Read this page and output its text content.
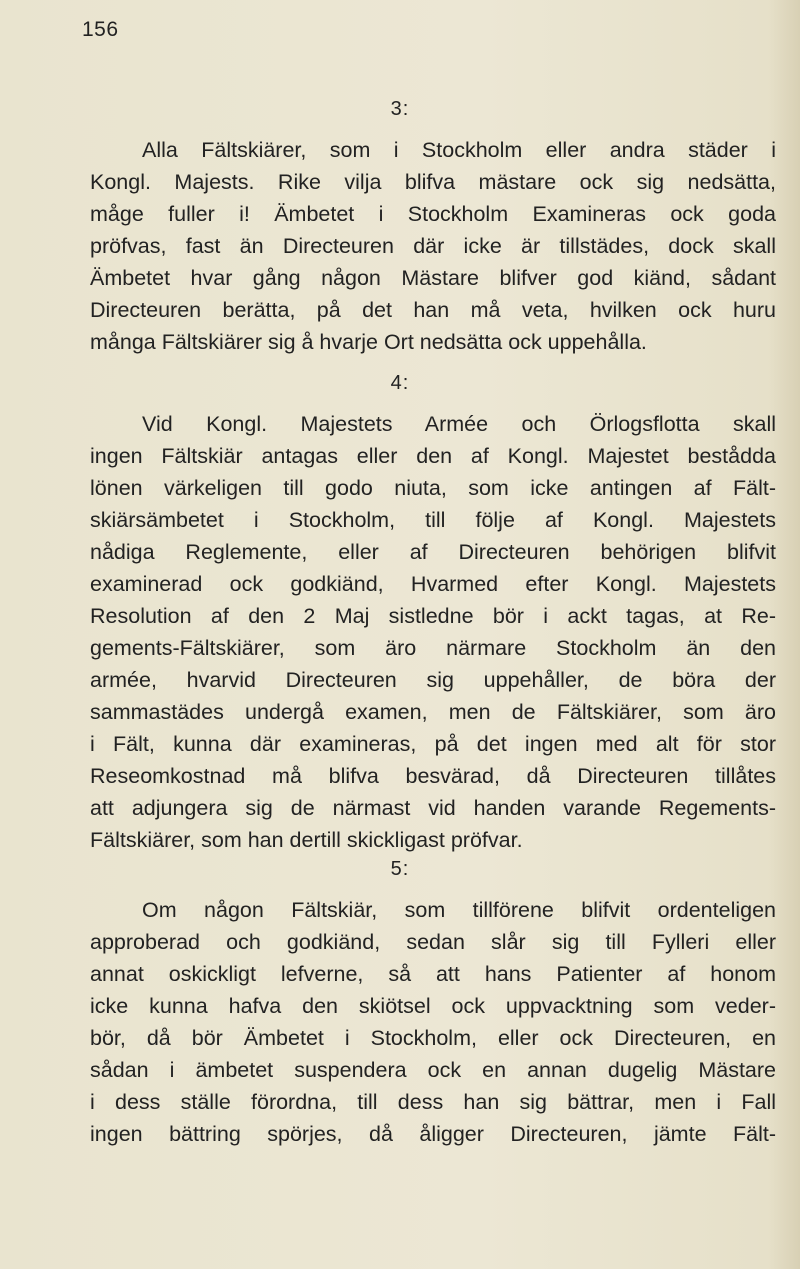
156
3:
Alla Fältskiärer, som i Stockholm eller andra städer i
Kongl. Majests. Rike vilja blifva mästare ock sig nedsätta,
måge fuller i! Ämbetet i Stockholm Examineras ock goda
pröfvas, fast än Directeuren där icke är tillstädes, dock skall
Ämbetet hvar gång någon Mästare blifver god kiänd, sådant
Directeuren berätta, på det han må veta, hvilken ock huru
många Fältskiärer sig å hvarje Ort nedsätta ock uppehålla.
4:
Vid Kongl. Majestets Armée och Örlogsflotta skall
ingen Fältskiär antagas eller den af Kongl. Majestet bestådda
lönen värkeligen till godo niuta, som icke antingen af Fält-
skiärsämbetet i Stockholm, till följe af Kongl. Majestets
nådiga Reglemente, eller af Directeuren behörigen blifvit
examinerad ock godkiänd, Hvarmed efter Kongl. Majestets
Resolution af den 2 Maj sistledne bör i ackt tagas, at Re-
gements-Fältskiärer, som äro närmare Stockholm än den
armée, hvarvid Directeuren sig uppehåller, de böra der
sammastädes undergå examen, men de Fältskiärer, som äro
i Fält, kunna där examineras, på det ingen med alt för stor
Reseomkostnad må blifva besvärad, då Directeuren tillåtes
att adjungera sig de närmast vid handen varande Regements-
Fältskiärer, som han dertill skickligast pröfvar.
5:
Om någon Fältskiär, som tillförene blifvit ordenteligen
approberad och godkiänd, sedan slår sig till Fylleri eller
annat oskickligt lefverne, så att hans Patienter af honom
icke kunna hafva den skiötsel ock uppvacktning som veder-
bör, då bör Ämbetet i Stockholm, eller ock Directeuren, en
sådan i ämbetet suspendera ock en annan dugelig Mästare
i dess ställe förordna, till dess han sig bättrar, men i Fall
ingen bättring spörjes, då åligger Directeuren, jämte Fält-
